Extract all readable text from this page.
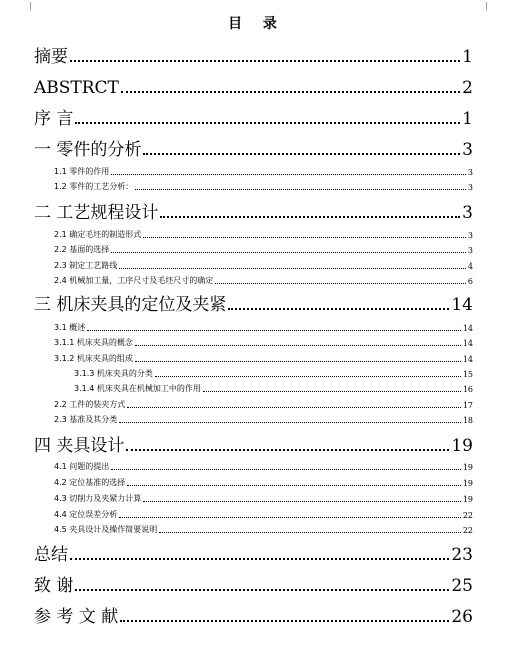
目 录
摘要	1
ABSTRCT	2
序 言	1
一 零件的分析	3
1.1 零件的作用	3
1.2 零件的工艺分析：	3
二 工艺规程设计	3
2.1 确定毛坯的制造形式	3
2.2 基面的选择	3
2.3 制定工艺路线	4
2.4 机械加工量，工序尺寸及毛坯尺寸的确定	6
三 机床夹具的定位及夹紧	14
3.1 概述	14
3.1.1 机床夹具的概念	14
3.1.2 机床夹具的组成	14
3.1.3 机床夹具的分类	15
3.1.4 机床夹具在机械加工中的作用	16
2.2 工件的装夹方式	17
2.3 基准及其分类	18
四 夹具设计	19
4.1 问题的提出	19
4.2 定位基准的选择	19
4.3 切削力及夹紧力计算	19
4.4 定位误差分析	22
4.5 夹具设计及操作简要说明	22
总结	23
致 谢	25
参 考 文 献	26
